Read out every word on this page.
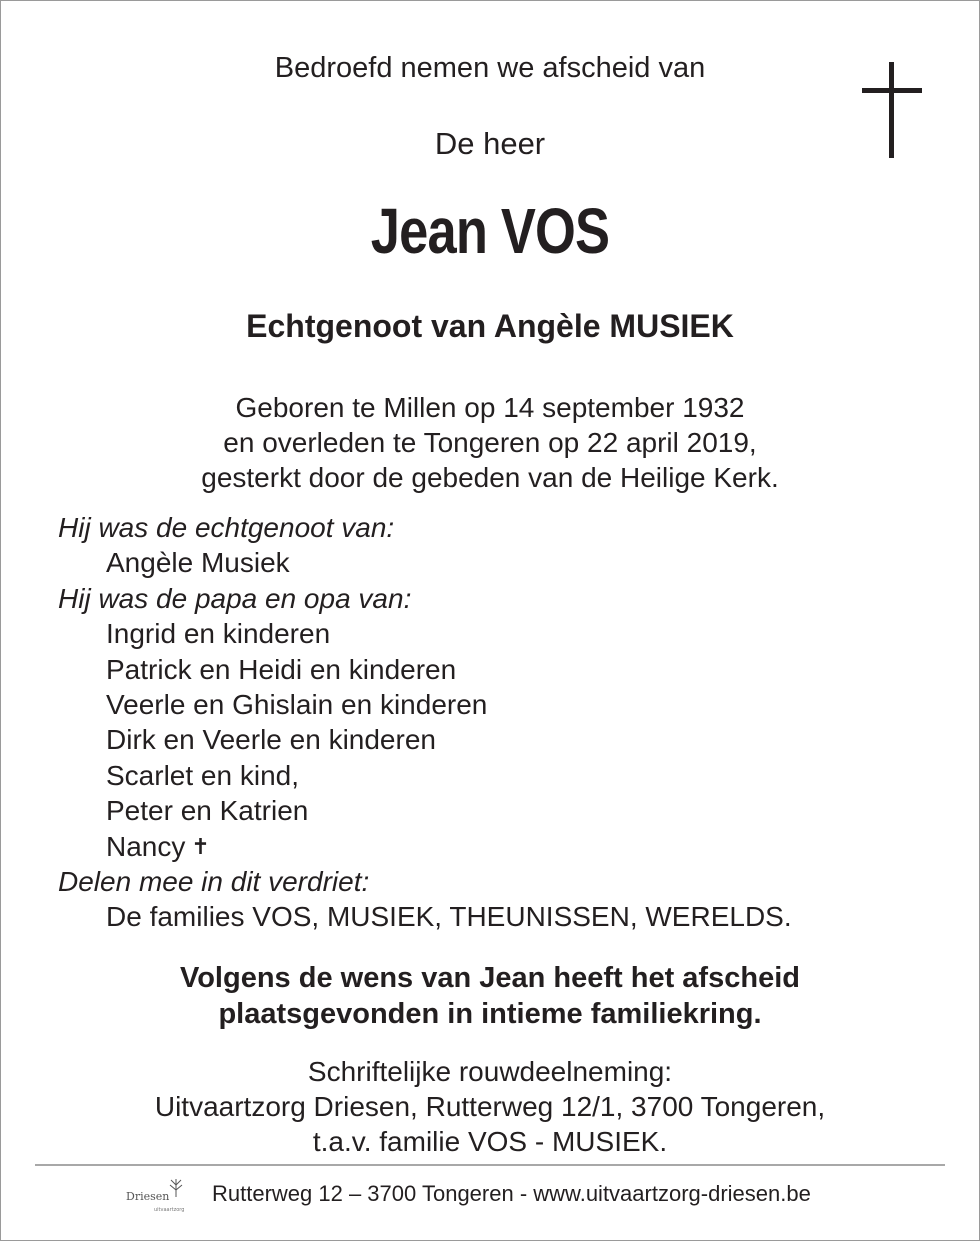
Bedroefd nemen we afscheid van
De heer
Jean VOS
Echtgenoot van Angèle MUSIEK
Geboren te Millen op 14 september 1932
en overleden te Tongeren op 22 april 2019,
gesterkt door de gebeden van de Heilige Kerk.
Hij was de echtgenoot van:
Angèle Musiek
Hij was de papa en opa van:
Ingrid en kinderen
Patrick en Heidi en kinderen
Veerle en Ghislain en kinderen
Dirk en Veerle en kinderen
Scarlet en kind,
Peter en Katrien
Nancy ✝
Delen mee in dit verdriet:
De families VOS, MUSIEK, THEUNISSEN, WERELDS.
Volgens de wens van Jean heeft het afscheid
plaatsgevonden in intieme familiekring.
Schriftelijke rouwdeelneming:
Uitvaartzorg Driesen, Rutterweg 12/1, 3700 Tongeren,
t.a.v. familie VOS - MUSIEK.
Driesen
uitvaartzorg
Rutterweg 12 – 3700 Tongeren - www.uitvaartzorg-driesen.be
